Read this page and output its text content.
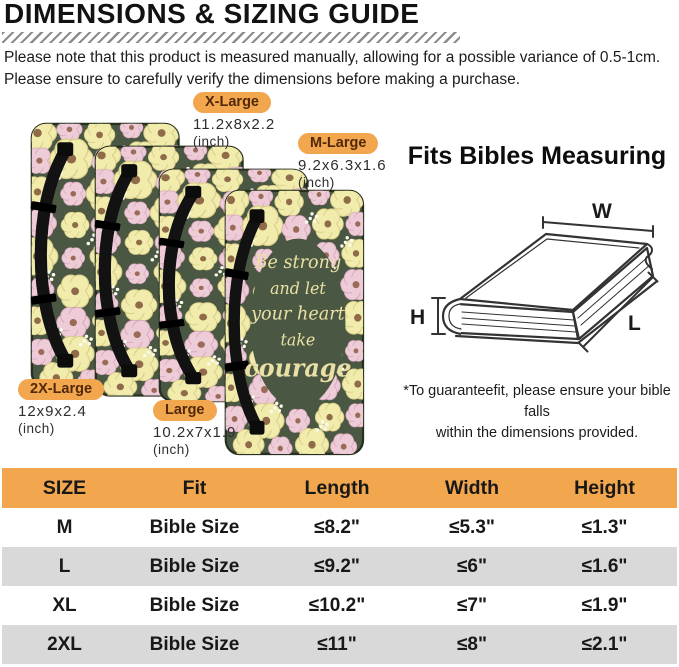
DIMENSIONS & SIZING GUIDE
Please note that this product is measured manually, allowing for a possible variance of 0.5-1cm.
Please ensure to carefully verify the dimensions before making a purchase.
Be strong
and let
your heart
take
courage
X-Large
11.2x8x2.2
(inch)	M-Large
9.2x6.3x1.6
(inch)
2X-Large
12x9x2.4
(inch)
Large
10.2x7x1.9
(inch)
Fits Bibles Measuring
W
H	L
*To guaranteefit, please ensure your bible falls
within the dimensions provided.
SIZE	Fit	Length	Width	Height
M	Bible Size	≤8.2"	≤5.3"	≤1.3"
L	Bible Size	≤9.2"	≤6"	≤1.6"
XL	Bible Size	≤10.2"	≤7"	≤1.9"
2XL	Bible Size	≤11"	≤8"	≤2.1"
